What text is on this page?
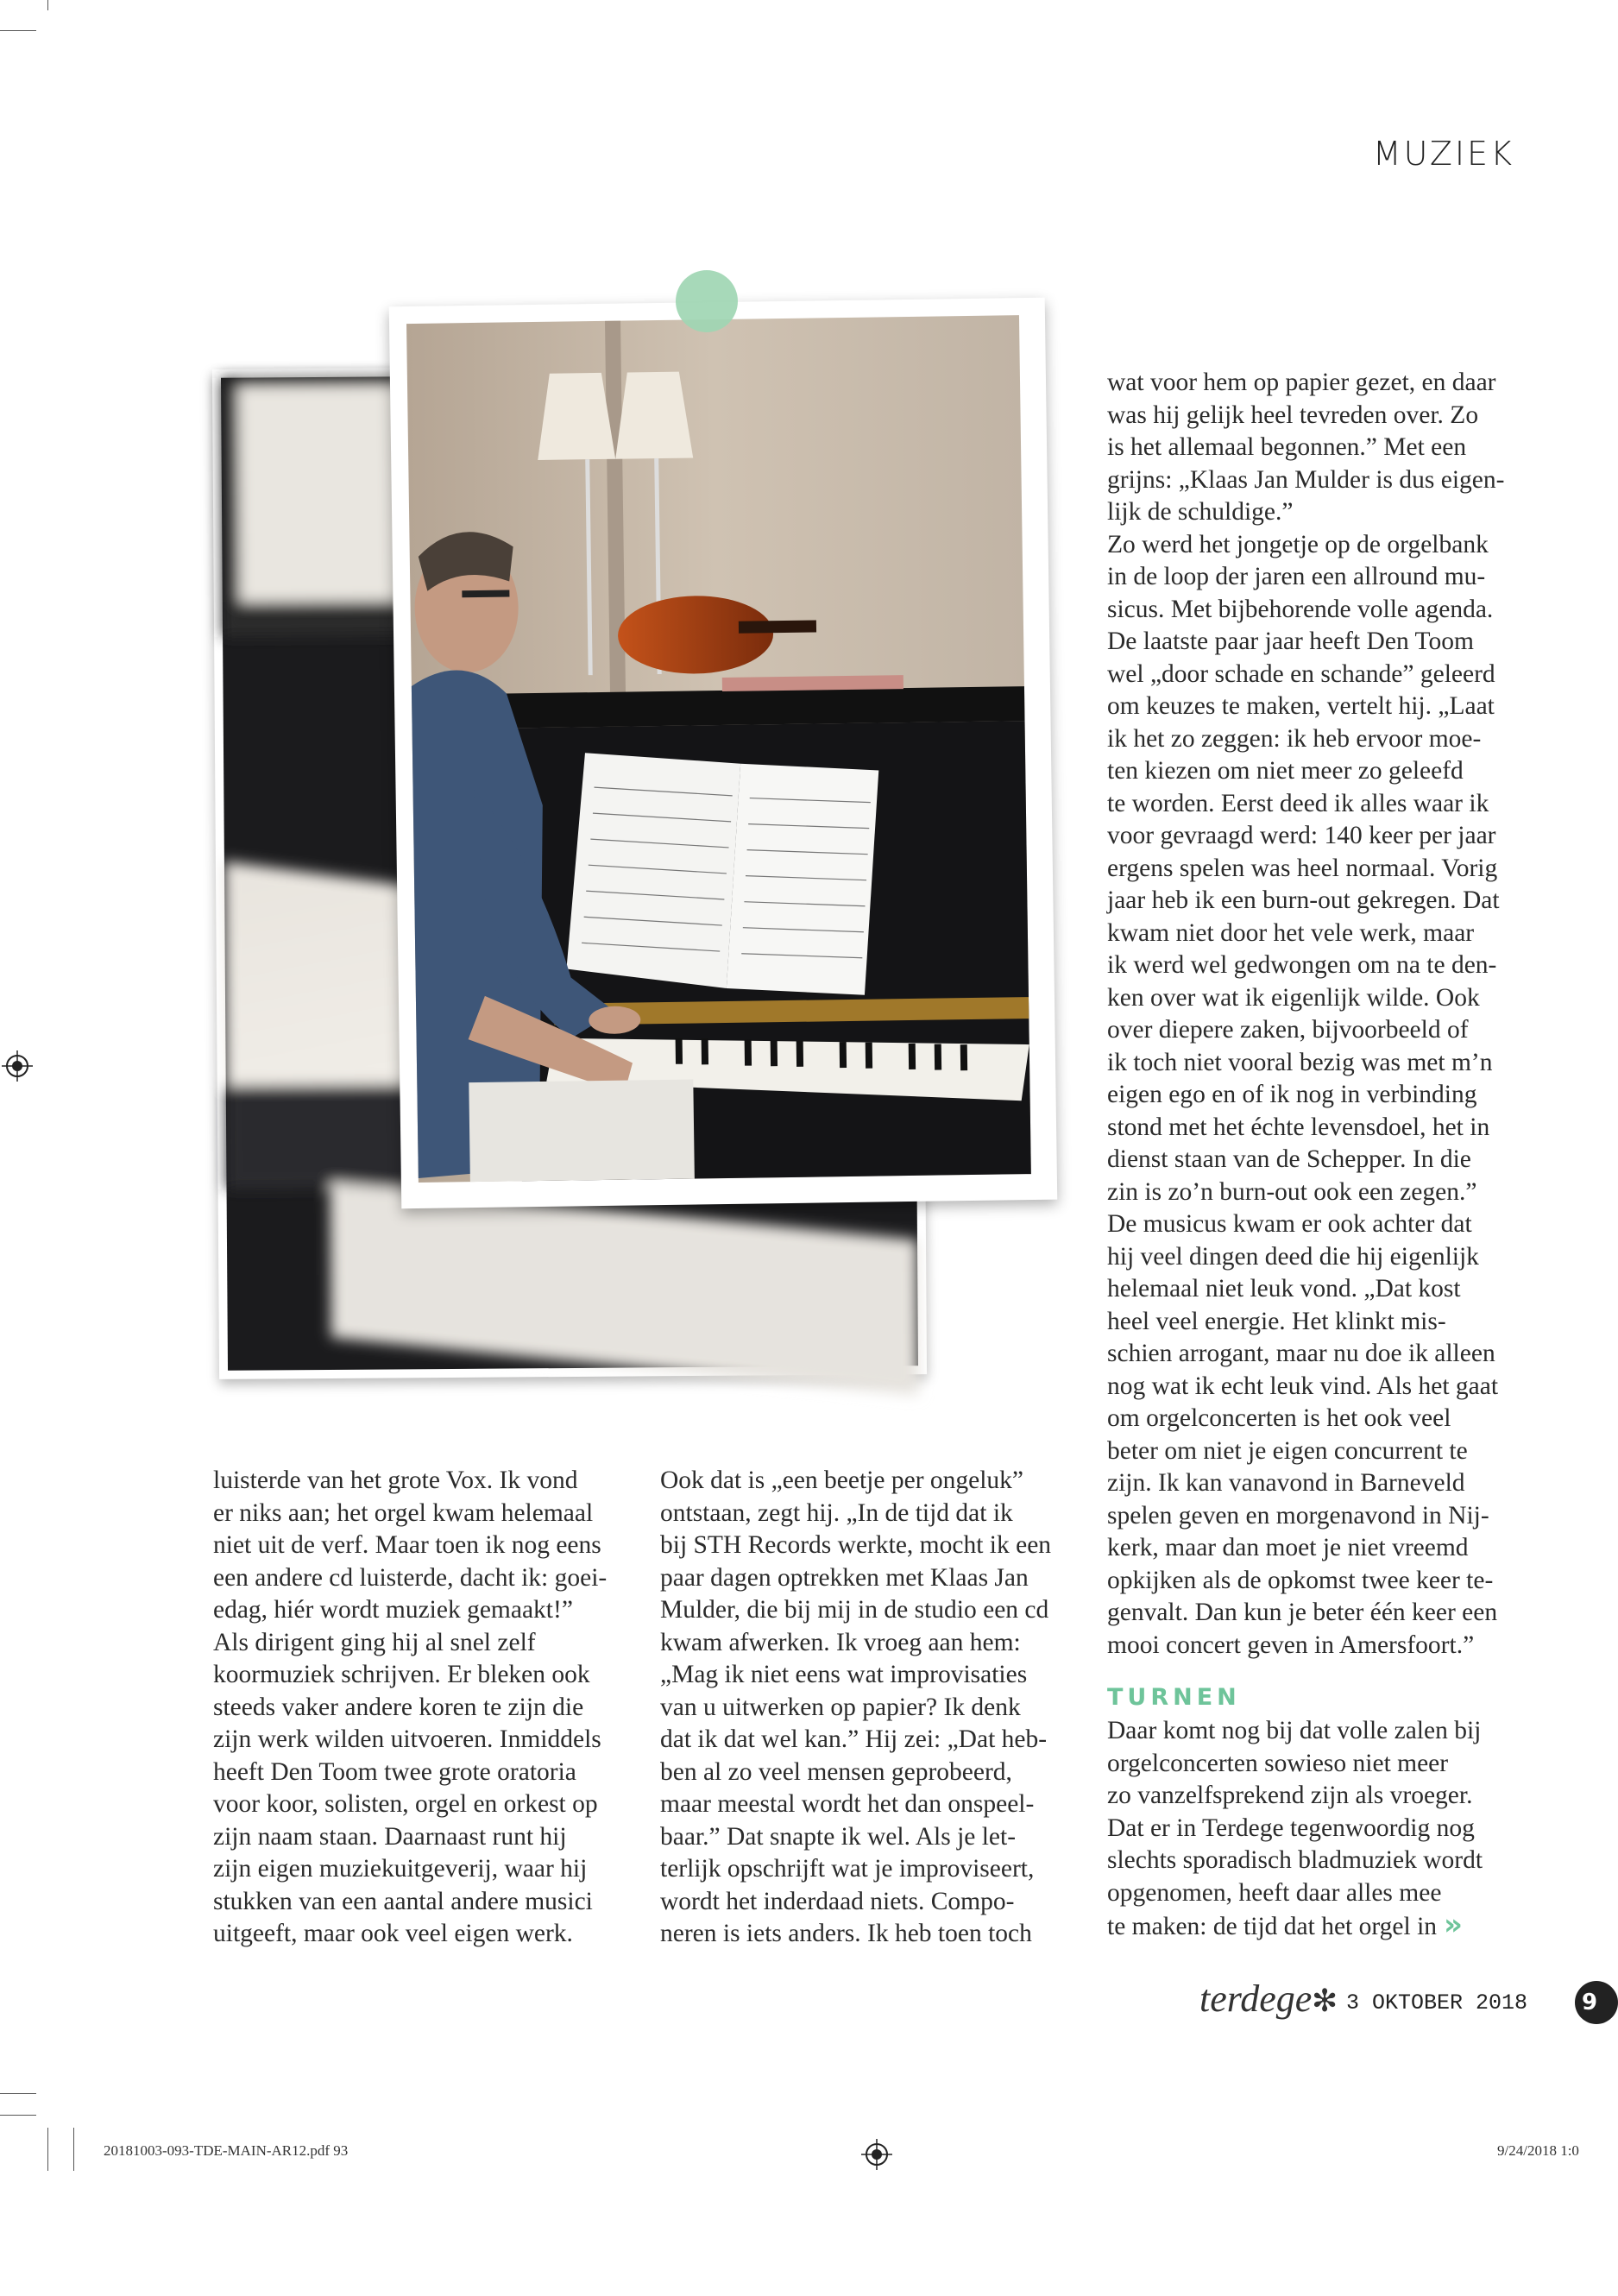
MUZIEK

luisterde van het grote Vox. Ik vond

er niks aan; het orgel kwam helemaal

niet uit de verf. Maar toen ik nog eens

een andere cd luisterde, dacht ik: goei-

edag, hiér wordt muziek gemaakt!”

Als dirigent ging hij al snel zelf

koormuziek schrijven. Er bleken ook

steeds vaker andere koren te zijn die

zijn werk wilden uitvoeren. Inmiddels

heeft Den Toom twee grote oratoria

voor koor, solisten, orgel en orkest op

zijn naam staan. Daarnaast runt hij

zijn eigen muziekuitgeverij, waar hij

stukken van een aantal andere musici

uitgeeft, maar ook veel eigen werk.

Ook dat is „een beetje per ongeluk”

ontstaan, zegt hij. „In de tijd dat ik

bij STH Records werkte, mocht ik een

paar dagen optrekken met Klaas Jan

Mulder, die bij mij in de studio een cd

kwam afwerken. Ik vroeg aan hem:

„Mag ik niet eens wat improvisaties

van u uitwerken op papier? Ik denk

dat ik dat wel kan.” Hij zei: „Dat heb-

ben al zo veel mensen geprobeerd,

maar meestal wordt het dan onspeel-

baar.” Dat snapte ik wel. Als je let-

terlijk opschrijft wat je improviseert,

wordt het inderdaad niets. Compo-

neren is iets anders. Ik heb toen toch

wat voor hem op papier gezet, en daar

was hij gelijk heel tevreden over. Zo

is het allemaal begonnen.” Met een

grijns: „Klaas Jan Mulder is dus eigen-

lijk de schuldige.”

Zo werd het jongetje op de orgelbank

in de loop der jaren een allround mu-

sicus. Met bijbehorende volle agenda.

De laatste paar jaar heeft Den Toom

wel „door schade en schande” geleerd

om keuzes te maken, vertelt hij. „Laat

ik het zo zeggen: ik heb ervoor moe-

ten kiezen om niet meer zo geleefd

te worden. Eerst deed ik alles waar ik

voor gevraagd werd: 140 keer per jaar

ergens spelen was heel normaal. Vorig

jaar heb ik een burn-out gekregen. Dat

kwam niet door het vele werk, maar

ik werd wel gedwongen om na te den-

ken over wat ik eigenlijk wilde. Ook

over diepere zaken, bijvoorbeeld of

ik toch niet vooral bezig was met m’n

eigen ego en of ik nog in verbinding

stond met het échte levensdoel, het in

dienst staan van de Schepper. In die

zin is zo’n burn-out ook een zegen.”

De musicus kwam er ook achter dat

hij veel dingen deed die hij eigenlijk

helemaal niet leuk vond. „Dat kost

heel veel energie. Het klinkt mis-

schien arrogant, maar nu doe ik alleen

nog wat ik echt leuk vind. Als het gaat

om orgelconcerten is het ook veel

beter om niet je eigen concurrent te

zijn. Ik kan vanavond in Barneveld

spelen geven en morgenavond in Nij-

kerk, maar dan moet je niet vreemd

opkijken als de opkomst twee keer te-

genvalt. Dan kun je beter één keer een

mooi concert geven in Amersfoort.”

TURNEN

Daar komt nog bij dat volle zalen bij

orgelconcerten sowieso niet meer

zo vanzelfsprekend zijn als vroeger.

Dat er in Terdege tegenwoordig nog

slechts sporadisch bladmuziek wordt

opgenomen, heeft daar alles mee

te maken: de tijd dat het orgel in »
terdege ✻ 3 OKTOBER 2018	9
20181003-093-TDE-MAIN-AR12.pdf 93	9/24/2018 1:0
